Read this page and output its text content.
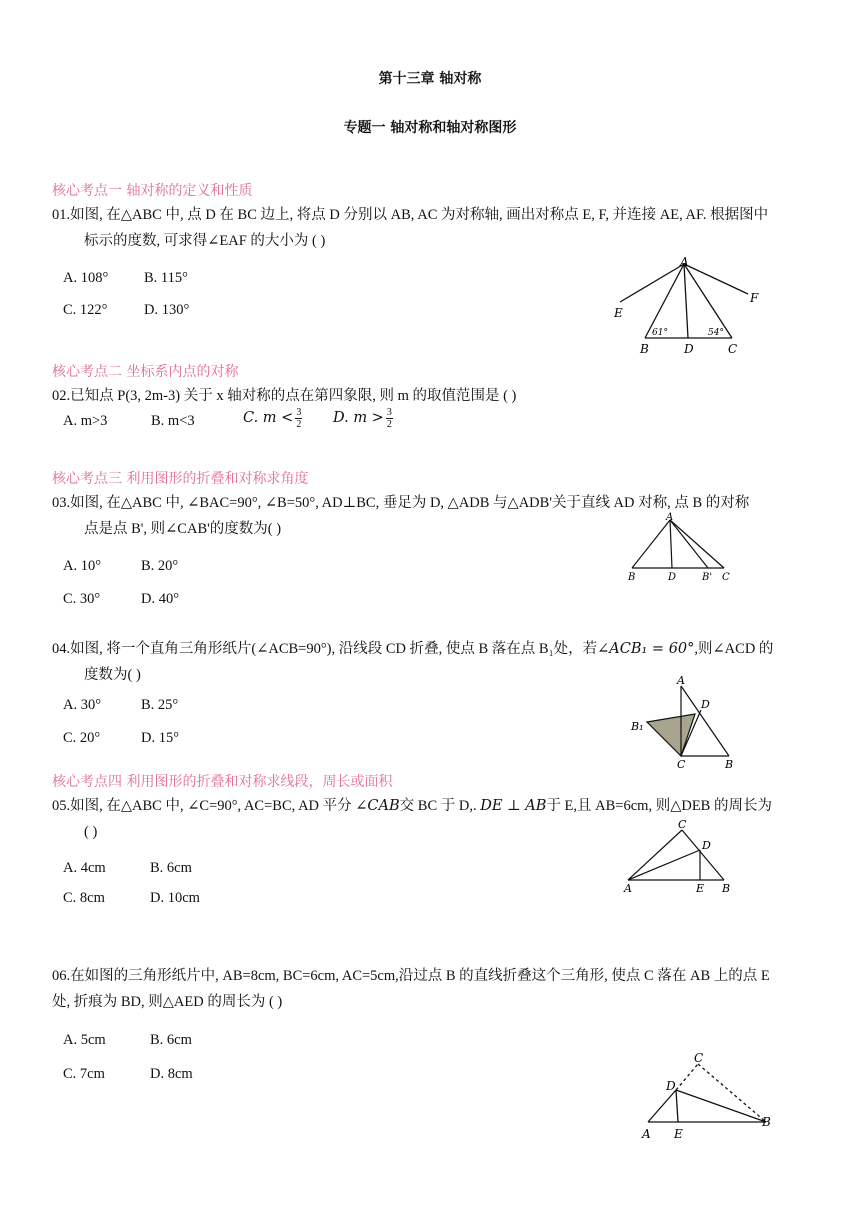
第十三章 轴对称
专题一 轴对称和轴对称图形
核心考点一 轴对称的定义和性质
01.如图, 在△ABC 中, 点 D 在 BC 边上, 将点 D 分别以 AB, AC 为对称轴, 画出对称点 E, F, 并连接 AE, AF. 根据图中
标示的度数, 可求得∠EAF 的大小为 ( )
A. 108° B. 115°
C. 122°	D. 130°
A
E
F
B	D	C
61°	54°
核心考点二 坐标系内点的对称
02.已知点 P(3, 2m-3) 关于 x 轴对称的点在第四象限, 则 m 的取值范围是 ( )
A. m>3	B. m<3	C. $m < \frac{3}{2} D$. $m > \frac{3}{2}$
核心考点三 利用图形的折叠和对称求角度
03.如图, 在△ABC 中, ∠BAC=90°, ∠B=50°, AD⊥BC, 垂足为 D, △ADB 与△ADB'关于直线 AD 对称, 点 B 的对称
点是点 B', 则∠CAB'的度数为( )
A. 10°	B. 20°
C. 30°	D. 40°
A
B	D	B' C
04.如图, 将一个直角三角形纸片(∠ACB=90°), 沿线段 CD 折叠, 使点 B 落在点 B₁处，若∠ACB₁ = 60°,则∠ACD 的
度数为( )
A. 30°	B. 25°
C. 20°	D. 15°
A
D
B₁
C	B
核心考点四 利用图形的折叠和对称求线段，周长或面积
05.如图, 在△ABC 中, ∠C=90°, AC=BC, AD 平分 ∠CAB交 BC 于 D,. DE ⊥ AB于 E,且 AB=6cm, 则△DEB 的周长为
( )
A. 4cm	B. 6cm
C. 8cm	D. 10cm
C
D
A	E B
06.在如图的三角形纸片中, AB=8cm, BC=6cm, AC=5cm,沿过点 B 的直线折叠这个三角形, 使点 C 落在 AB 上的点 E
处, 折痕为 BD, 则△AED 的周长为 ( )
A. 5cm	B. 6cm
C. 7cm	D. 8cm
C
D
B
A E
